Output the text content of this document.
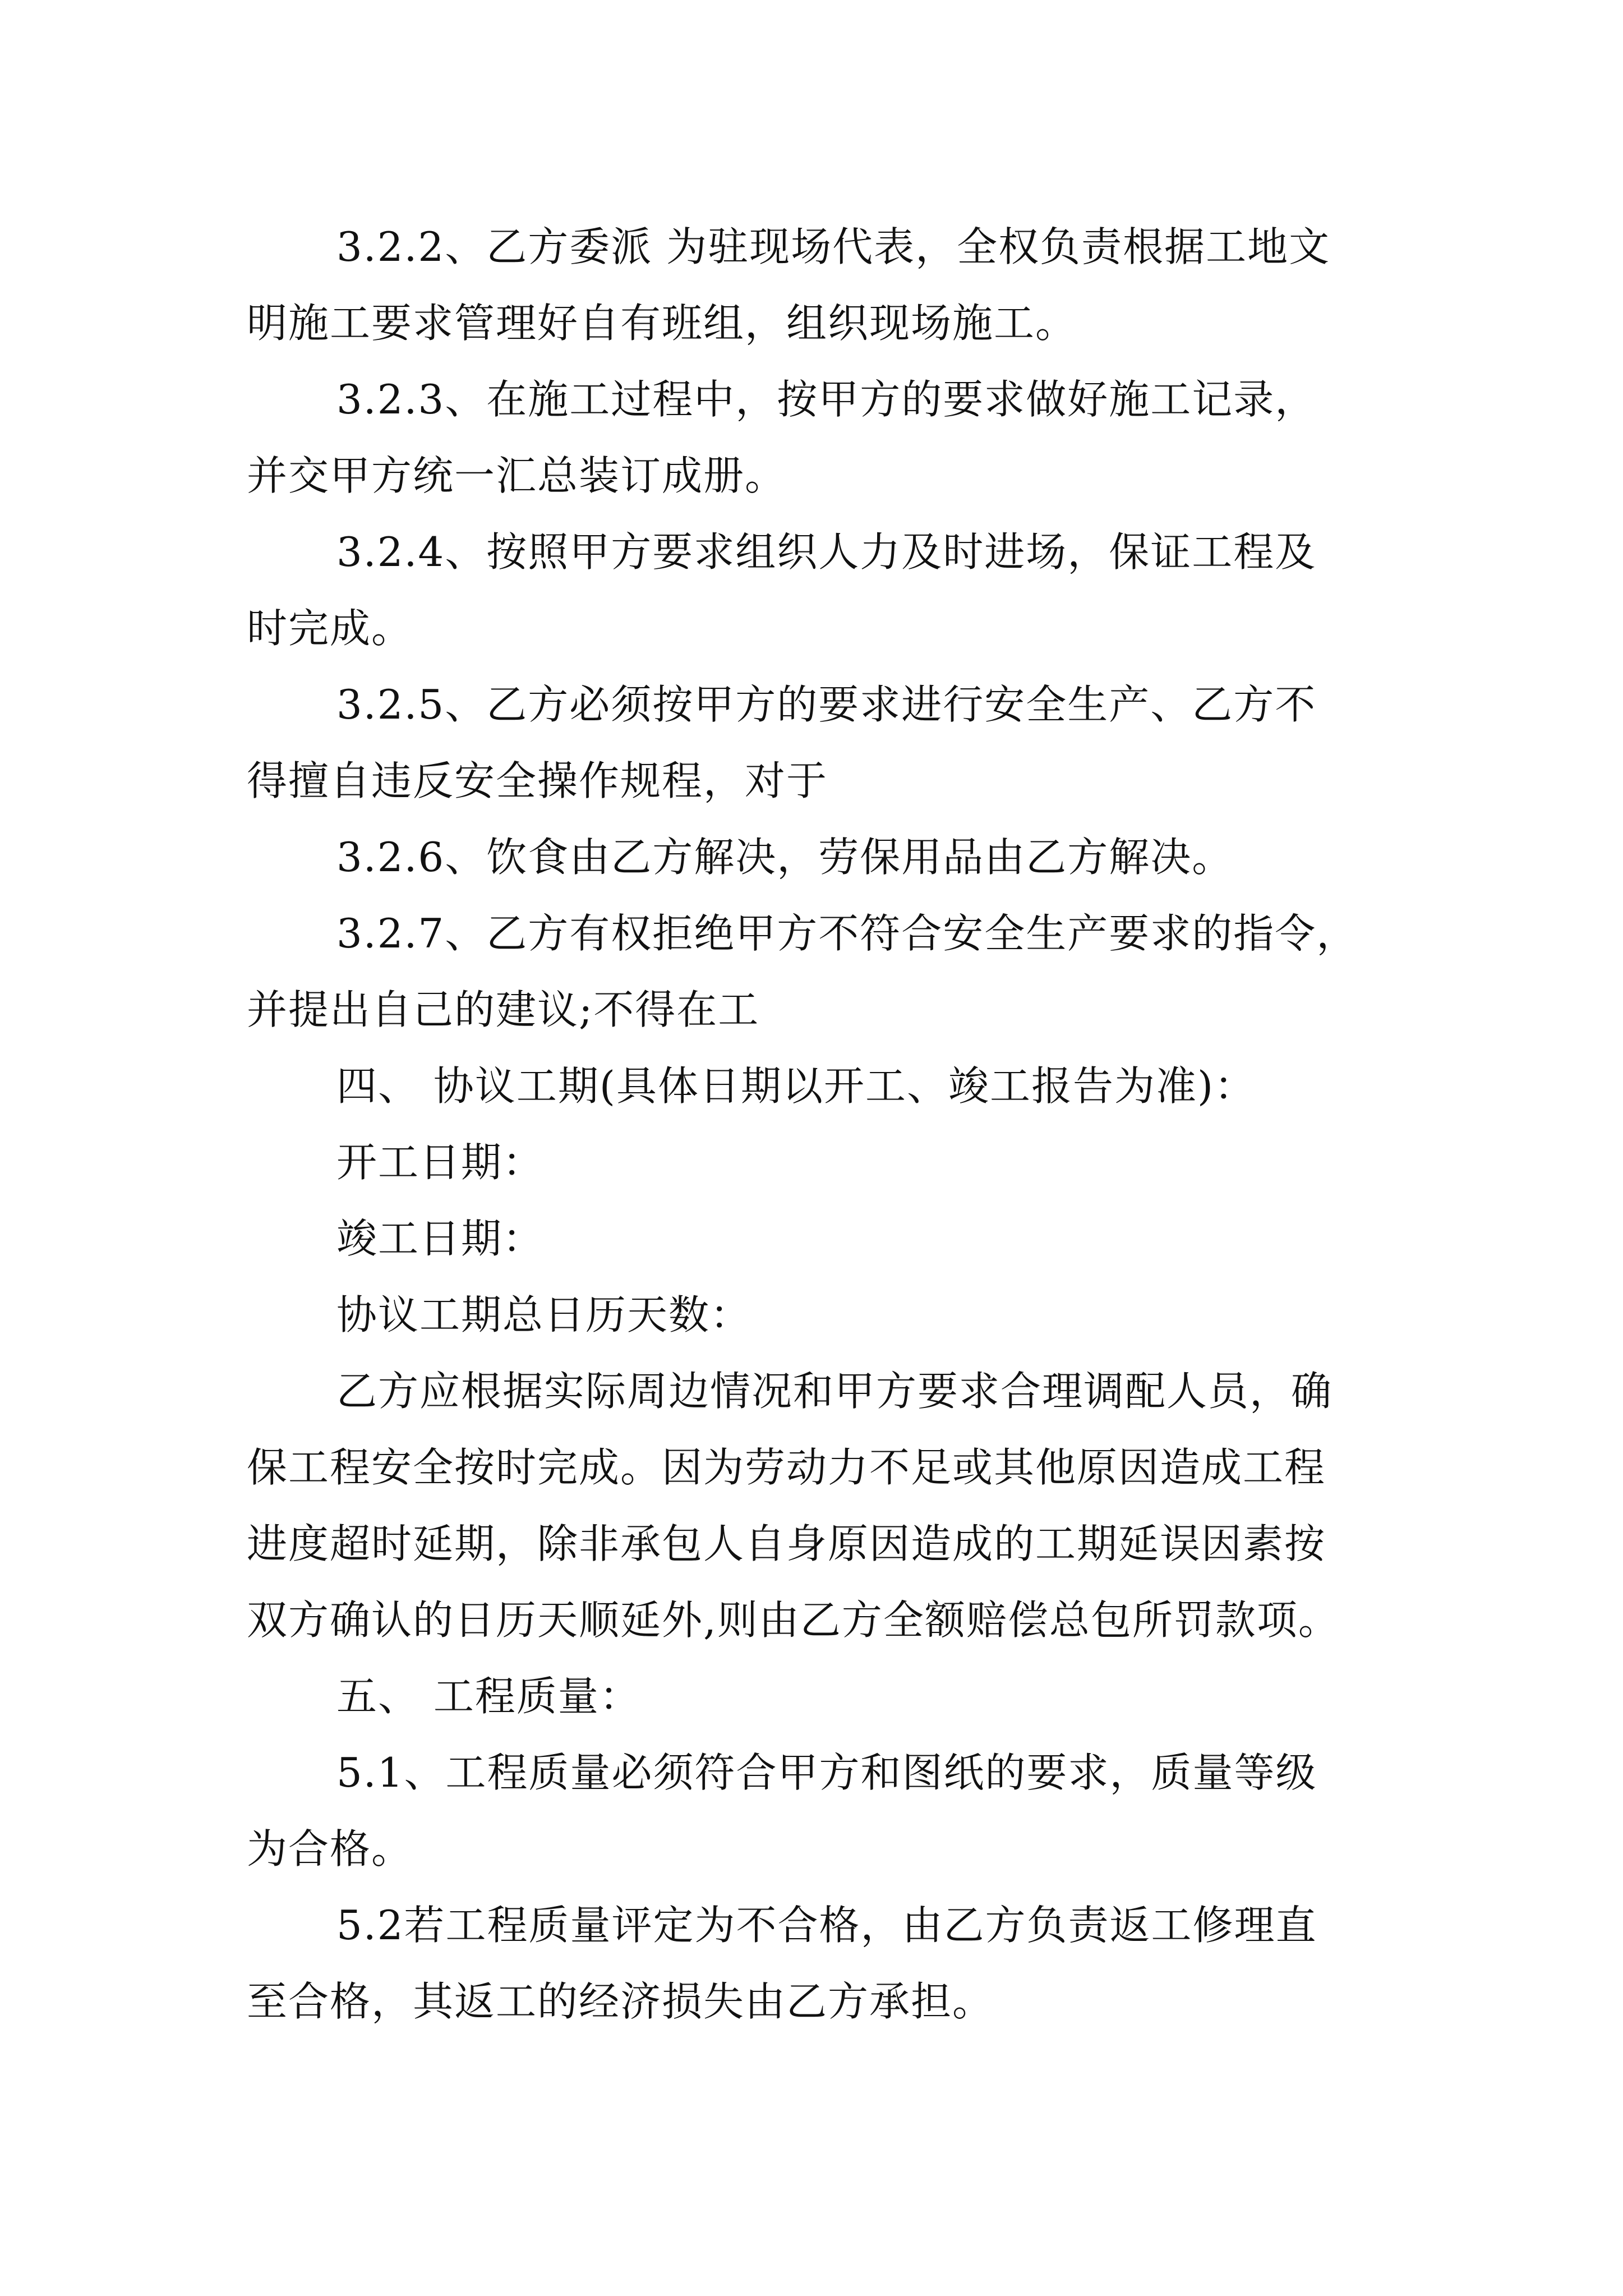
3.2.2、乙方委派 为驻现场代表，全权负责根据工地文

明施工要求管理好自有班组，组织现场施工。

3.2.3、在施工过程中，按甲方的要求做好施工记录，

并交甲方统一汇总装订成册。

3.2.4、按照甲方要求组织人力及时进场，保证工程及

时完成。

3.2.5、乙方必须按甲方的要求进行安全生产、乙方不

得擅自违反安全操作规程，对于

3.2.6、饮食由乙方解决，劳保用品由乙方解决。

3.2.7、乙方有权拒绝甲方不符合安全生产要求的指令，

并提出自己的建议;不得在工

四、 协议工期(具体日期以开工、竣工报告为准)：

开工日期：

竣工日期：

协议工期总日历天数：

乙方应根据实际周边情况和甲方要求合理调配人员，确

保工程安全按时完成。因为劳动力不足或其他原因造成工程

进度超时延期，除非承包人自身原因造成的工期延误因素按

双方确认的日历天顺延外,则由乙方全额赔偿总包所罚款项。

五、 工程质量：

5.1、工程质量必须符合甲方和图纸的要求，质量等级

为合格。

5.2若工程质量评定为不合格，由乙方负责返工修理直

至合格，其返工的经济损失由乙方承担。
